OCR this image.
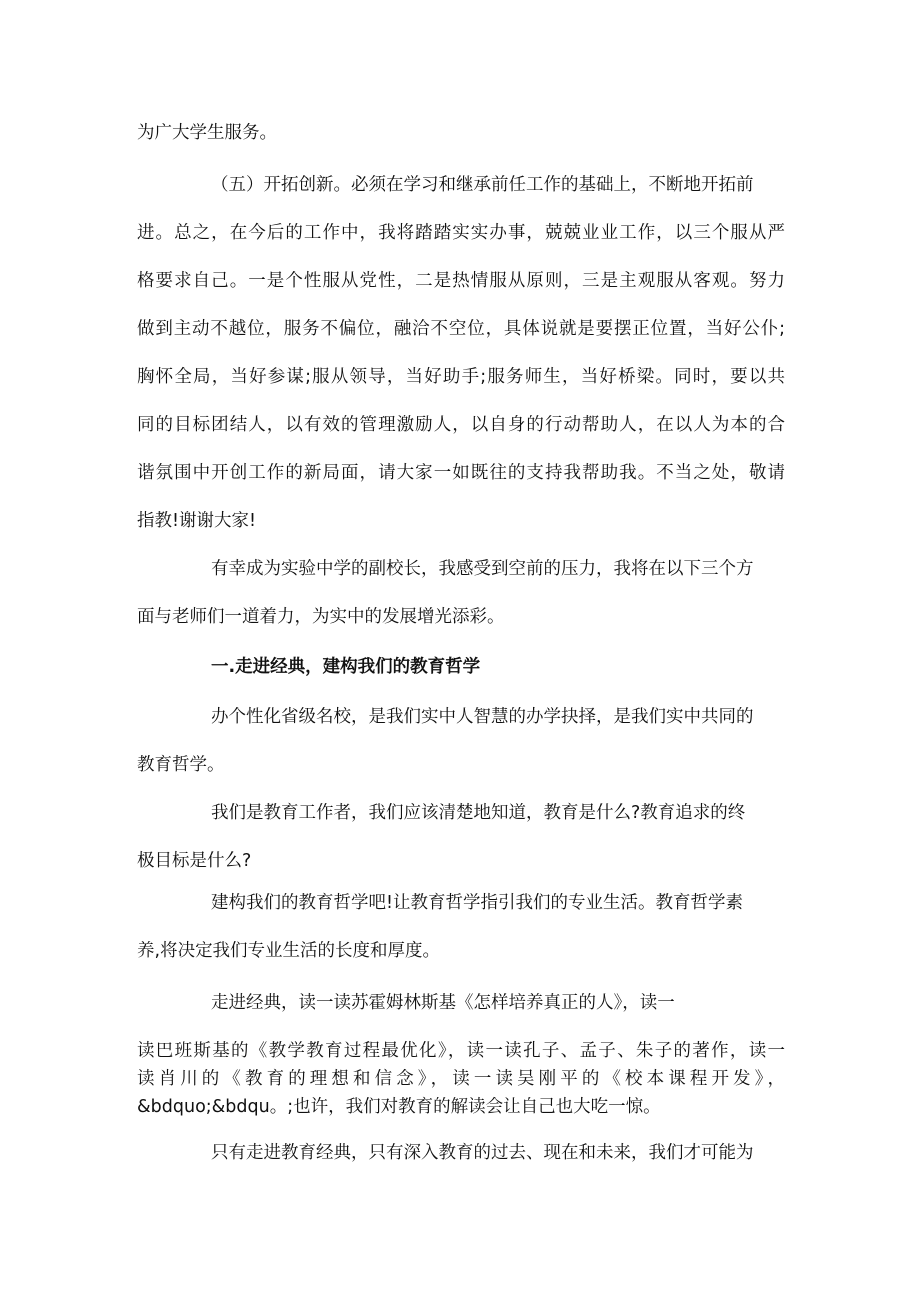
为广大学生服务。

（五）开拓创新。必须在学习和继承前任工作的基础上，不断地开拓前

进。总之，在今后的工作中，我将踏踏实实办事，兢兢业业工作，以三个服从严

格要求自己。一是个性服从党性，二是热情服从原则，三是主观服从客观。努力

做到主动不越位，服务不偏位，融洽不空位，具体说就是要摆正位置，当好公仆;

胸怀全局，当好参谋;服从领导，当好助手;服务师生，当好桥梁。同时，要以共

同的目标团结人，以有效的管理激励人，以自身的行动帮助人，在以人为本的合

谐氛围中开创工作的新局面，请大家一如既往的支持我帮助我。不当之处，敬请

指教!谢谢大家!

有幸成为实验中学的副校长，我感受到空前的压力，我将在以下三个方

面与老师们一道着力，为实中的发展增光添彩。

一.走进经典，建构我们的教育哲学

办个性化省级名校，是我们实中人智慧的办学抉择，是我们实中共同的

教育哲学。

我们是教育工作者，我们应该清楚地知道，教育是什么?教育追求的终

极目标是什么?

建构我们的教育哲学吧!让教育哲学指引我们的专业生活。教育哲学素

养,将决定我们专业生活的长度和厚度。

走进经典，读一读苏霍姆林斯基《怎样培养真正的人》，读一

读巴班斯基的《教学教育过程最优化》，读一读孔子、孟子、朱子的著作，读一

读肖川的《教育的理想和信念》，读一读吴刚平的《校本课程开发》，

&bdquo;&bdqu。;也许，我们对教育的解读会让自己也大吃一惊。

只有走进教育经典，只有深入教育的过去、现在和未来，我们才可能为
